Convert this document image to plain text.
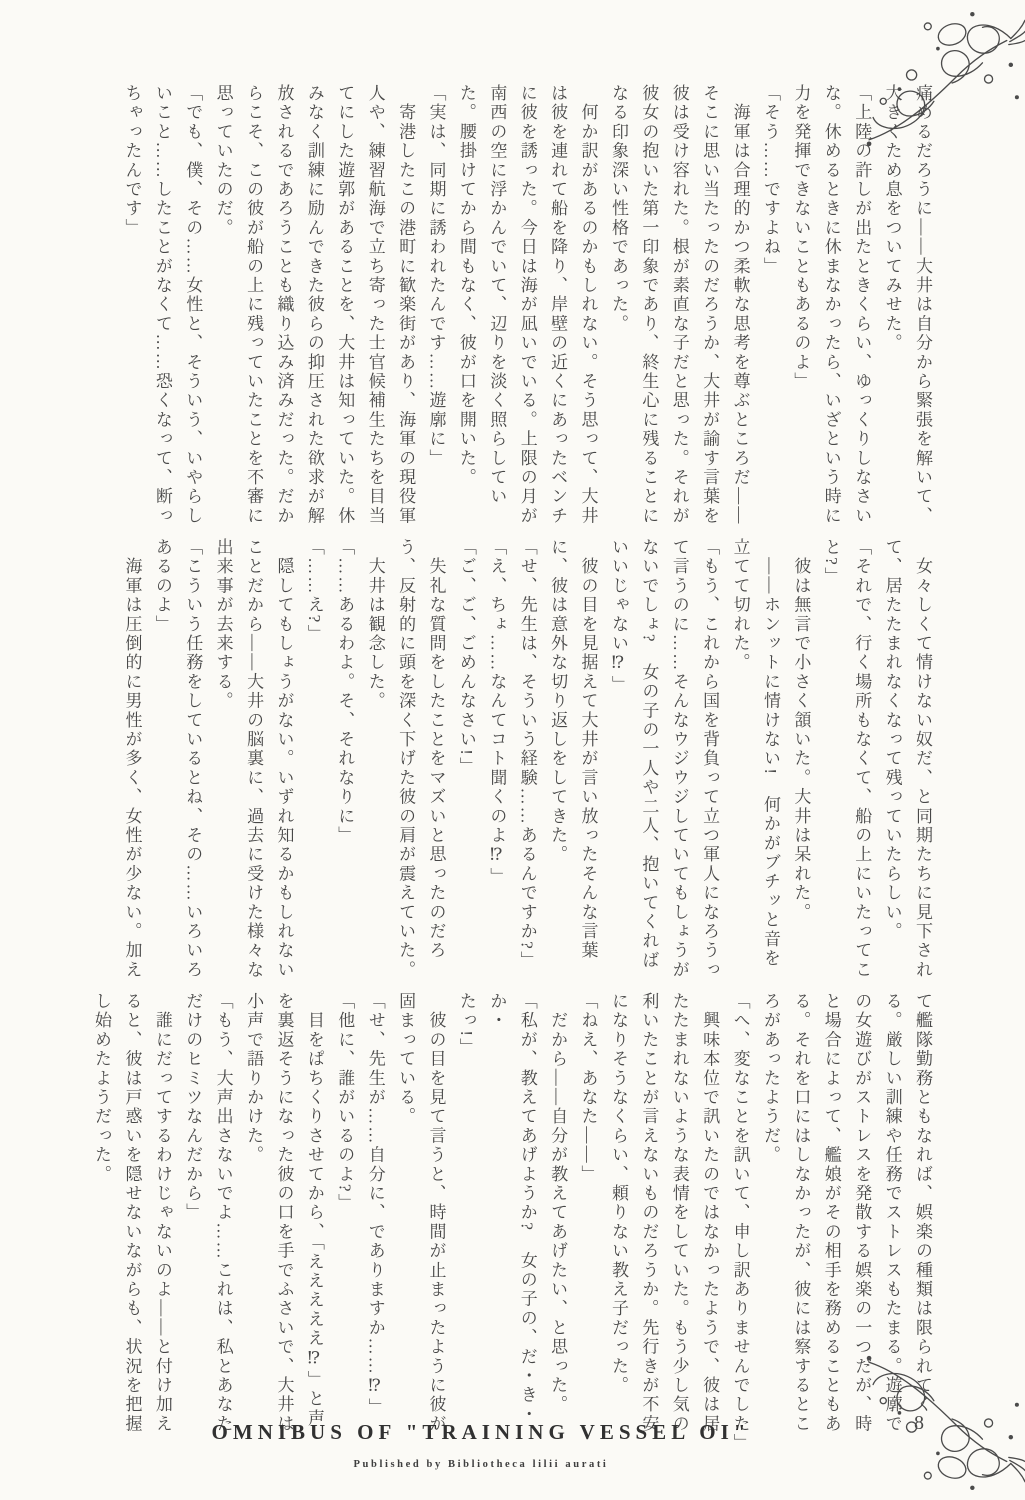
痛めるだろうに――大井は自分から緊張を解いて、

大きくため息をついてみせた。

「上陸の許しが出たときくらい、ゆっくりしなさい

な。休めるときに休まなかったら、いざという時に

力を発揮できないこともあるのよ」

「そう……ですよね」

　海軍は合理的かつ柔軟な思考を尊ぶところだ――

そこに思い当たったのだろうか、大井が諭す言葉を

彼は受け容れた。根が素直な子だと思った。それが

彼女の抱いた第一印象であり、終生心に残ることに

なる印象深い性格であった。

　何か訳があるのかもしれない。そう思って、大井

は彼を連れて船を降り、岸壁の近くにあったベンチ

に彼を誘った。今日は海が凪いでいる。上限の月が

南西の空に浮かんでいて、辺りを淡く照らしてい

た。腰掛けてから間もなく、彼が口を開いた。

「実は、同期に誘われたんです……遊廓に」

　寄港したこの港町に歓楽街があり、海軍の現役軍

人や、練習航海で立ち寄った士官候補生たちを目当

てにした遊郭があることを、大井は知っていた。休

みなく訓練に励んできた彼らの抑圧された欲求が解

放されるであろうことも織り込み済みだった。だか

らこそ、この彼が船の上に残っていたことを不審に

思っていたのだ。

「でも、僕、その……女性と、そういう、いやらし

いこと……したことがなくて……恐くなって、断っ

ちゃったんです」

　女々しくて情けない奴だ、と同期たちに見下され

て、居たたまれなくなって残っていたらしい。

「それで、行く場所もなくて、船の上にいたってこ

と?」

　彼は無言で小さく頷いた。大井は呆れた。

　――ホンットに情けない!　何かがブチッと音を

立てて切れた。

「もう、これから国を背負って立つ軍人になろうっ

て言うのに……そんなウジウジしていてもしょうが

ないでしょ?　女の子の一人や二人、抱いてくれば

いいじゃない⁉」

　彼の目を見据えて大井が言い放ったそんな言葉

に、彼は意外な切り返しをしてきた。

「せ、先生は、そういう経験……あるんですか?」

「え、ちょ……なんてコト聞くのよ⁉」

「ご、ご、ごめんなさい!」

　失礼な質問をしたことをマズいと思ったのだろ

う、反射的に頭を深く下げた彼の肩が震えていた。

　大井は観念した。

「……あるわよ。そ、それなりに」

「……え?」

　隠してもしょうがない。いずれ知るかもしれない

ことだから――大井の脳裏に、過去に受けた様々な

出来事が去来する。

「こういう任務をしているとね、その……いろいろ

あるのよ」

　海軍は圧倒的に男性が多く、女性が少ない。加え

て艦隊勤務ともなれば、娯楽の種類は限られてく

る。厳しい訓練や任務でストレスもたまる。遊廓で

の女遊びがストレスを発散する娯楽の一つだが、時

と場合によって、艦娘がその相手を務めることもあ

る。それを口にはしなかったが、彼には察するとこ

ろがあったようだ。

「へ、変なことを訊いて、申し訳ありませんでした」

　興味本位で訊いたのではなかったようで、彼は居

たたまれないような表情をしていた。もう少し気の

利いたことが言えないものだろうか。先行きが不安

になりそうなくらい、頼りない教え子だった。

「ねえ、あなた――」

　だから――自分が教えてあげたい、と思った。

「私が、教えてあげようか?　女の子の、だ・き・か・

たっ!」

　彼の目を見て言うと、時間が止まったように彼が

固まっている。

「せ、先生が……自分に、でありますか……⁉」

「他に、誰がいるのよ?」

　目をぱちくりさせてから、「えええええ⁉」と声

を裏返そうになった彼の口を手でふさいで、大井は

小声で語りかけた。

「もう、大声出さないでよ……これは、私とあなた

だけのヒミツなんだから」

　誰にだってするわけじゃないのよ――と付け加え

ると、彼は戸惑いを隠せないながらも、状況を把握

し始めたようだった。

8
OMNIBUS OF "TRAINING VESSEL OI"
Published by Bibliotheca lilii aurati
